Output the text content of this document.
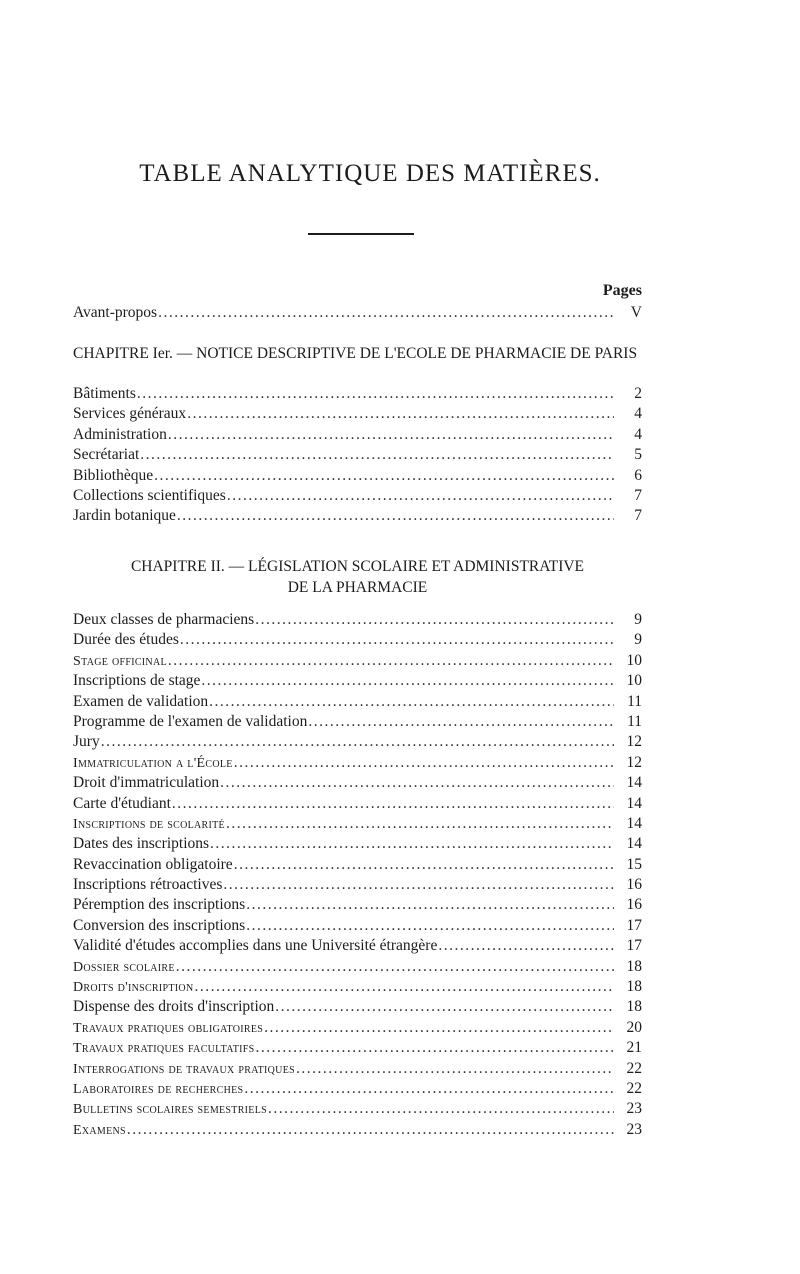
TABLE ANALYTIQUE DES MATIÈRES.
Pages
Avant-propos .....	V
CHAPITRE Ier. — NOTICE DESCRIPTIVE DE L'ECOLE DE PHARMACIE DE PARIS
Bâtiments .....	2
Services généraux .....	4
Administration .....	4
Secrétariat .....	5
Bibliothèque .....	6
Collections scientifiques .....	7
Jardin botanique .....	7
CHAPITRE II. — LÉGISLATION SCOLAIRE ET ADMINISTRATIVE
DE LA PHARMACIE
Deux classes de pharmaciens .....	9
Durée des études .....	9
Stage officinal .....	10
Inscriptions de stage .....	10
Examen de validation .....	11
Programme de l'examen de validation .....	11
Jury .....	12
Immatriculation a l'École .....	12
Droit d'immatriculation .....	14
Carte d'étudiant .....	14
Inscriptions de scolarité .....	14
Dates des inscriptions .....	14
Revaccination obligatoire .....	15
Inscriptions rétroactives .....	16
Péremption des inscriptions .....	16
Conversion des inscriptions .....	17
Validité d'études accomplies dans une Université étrangère .....	17
Dossier scolaire .....	18
Droits d'inscription .....	18
Dispense des droits d'inscription .....	18
Travaux pratiques obligatoires .....	20
Travaux pratiques facultatifs .....	21
Interrogations de travaux pratiques .....	22
Laboratoires de recherches .....	22
Bulletins scolaires semestriels .....	23
Examens .....	23
